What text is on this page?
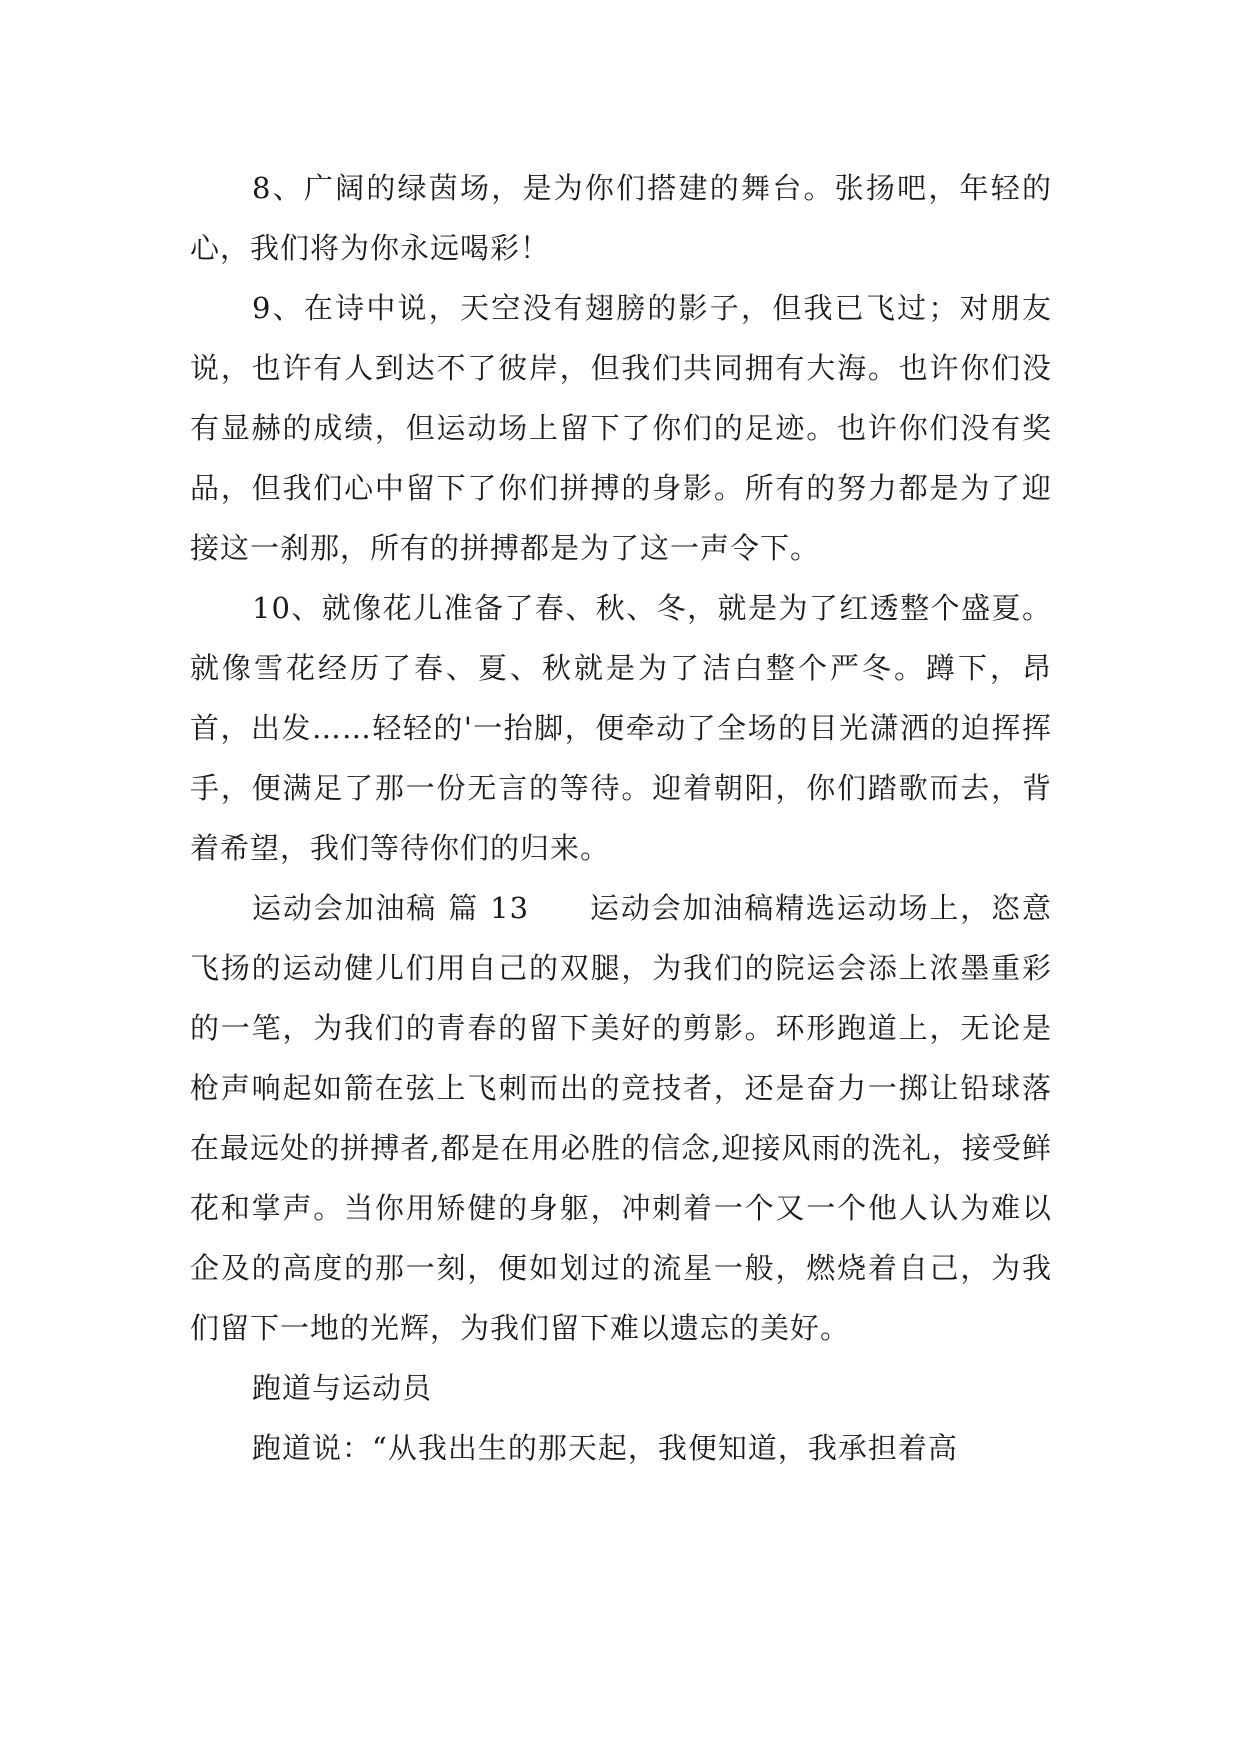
8、广阔的绿茵场，是为你们搭建的舞台。张扬吧，年轻的心，我们将为你永远喝彩！

9、在诗中说，天空没有翅膀的影子，但我已飞过；对朋友说，也许有人到达不了彼岸，但我们共同拥有大海。也许你们没有显赫的成绩，但运动场上留下了你们的足迹。也许你们没有奖品，但我们心中留下了你们拼搏的身影。所有的努力都是为了迎接这一刹那，所有的拼搏都是为了这一声令下。

10、就像花儿准备了春、秋、冬，就是为了红透整个盛夏。就像雪花经历了春、夏、秋就是为了洁白整个严冬。蹲下，昂首，出发……轻轻的'一抬脚，便牵动了全场的目光潇洒的迫挥挥手，便满足了那一份无言的等待。迎着朝阳，你们踏歌而去，背着希望，我们等待你们的归来。

运动会加油稿 篇 13 运动会加油稿精选运动场上，恣意飞扬的运动健儿们用自己的双腿，为我们的院运会添上浓墨重彩的一笔，为我们的青春的留下美好的剪影。环形跑道上，无论是枪声响起如箭在弦上飞刺而出的竞技者，还是奋力一掷让铅球落在最远处的拼搏者,都是在用必胜的信念,迎接风雨的洗礼，接受鲜花和掌声。当你用矫健的身躯，冲刺着一个又一个他人认为难以企及的高度的那一刻，便如划过的流星一般，燃烧着自己，为我们留下一地的光辉，为我们留下难以遗忘的美好。

跑道与运动员

跑道说：“从我出生的那天起，我便知道，我承担着高
